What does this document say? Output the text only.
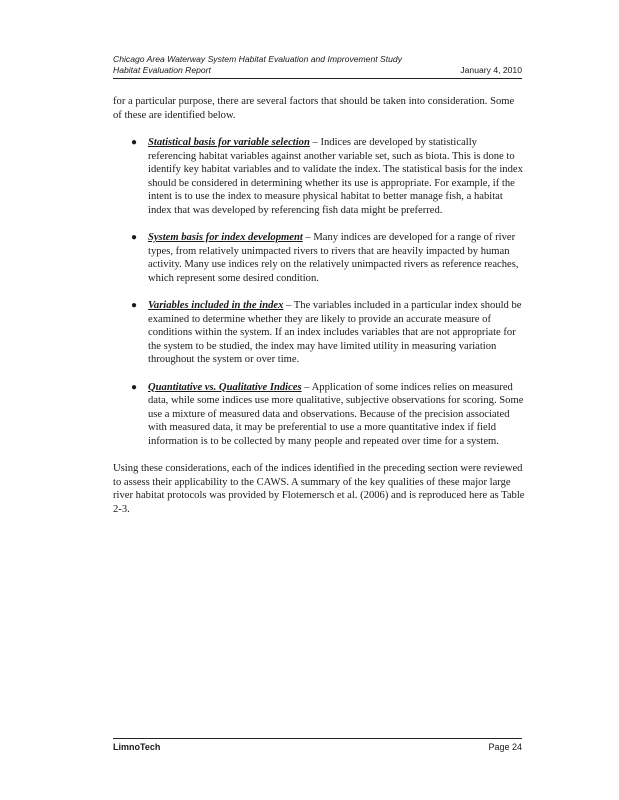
Chicago Area Waterway System Habitat Evaluation and Improvement Study
Habitat Evaluation Report	January 4, 2010

for a particular purpose, there are several factors that should be taken into consideration. Some of these are identified below.

● Statistical basis for variable selection – Indices are developed by statistically referencing habitat variables against another variable set, such as biota. This is done to identify key habitat variables and to validate the index. The statistical basis for the index should be considered in determining whether its use is appropriate. For example, if the intent is to use the index to measure physical habitat to better manage fish, a habitat index that was developed by referencing fish data might be preferred.
● System basis for index development – Many indices are developed for a range of river types, from relatively unimpacted rivers to rivers that are heavily impacted by human activity. Many use indices rely on the relatively unimpacted rivers as reference reaches, which represent some desired condition.
● Variables included in the index – The variables included in a particular index should be examined to determine whether they are likely to provide an accurate measure of conditions within the system. If an index includes variables that are not appropriate for the system to be studied, the index may have limited utility in measuring variation throughout the system or over time.
● Quantitative vs. Qualitative Indices – Application of some indices relies on measured data, while some indices use more qualitative, subjective observations for scoring. Some use a mixture of measured data and observations. Because of the precision associated with measured data, it may be preferential to use a more quantitative index if field information is to be collected by many people and repeated over time for a system.

Using these considerations, each of the indices identified in the preceding section were reviewed to assess their applicability to the CAWS. A summary of the key qualities of these major large river habitat protocols was provided by Flotemersch et al. (2006) and is reproduced here as Table 2-3.

LimnoTech	Page 24
